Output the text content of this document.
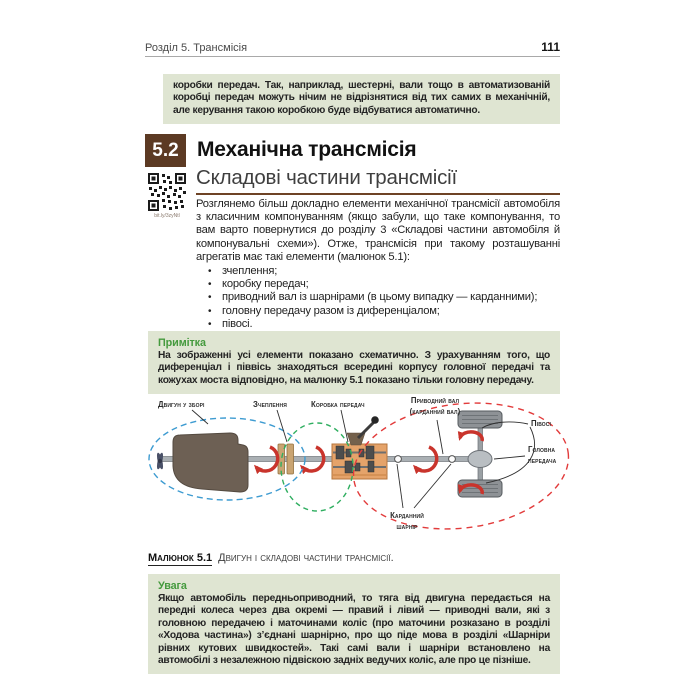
Розділ 5. Трансмісія	111
коробки передач. Так, наприклад, шестерні, вали тощо в автоматизованій коробці передач можуть нічим не відрізнятися від тих самих в механічній, але керування такою коробкою буде відбуватися автоматично.
5.2 Механічна трансмісія
bit.ly/3zyNtl
Складові частини трансмісії

Розглянемо більш докладно елементи механічної трансмісії автомобіля з класичним компонуванням (якщо забули, що таке компонування, то вам варто повернутися до розділу 3 «Складові частини автомобіля й компонувальні схеми»). Отже, трансмісія при такому розташуванні агрегатів має такі елементи (малюнок 5.1):

• зчеплення;
• коробку передач;
• приводний вал із шарнірами (в цьому випадку — карданними);
• головну передачу разом із диференціалом;
• півосі.
Примітка
На зображенні усі елементи показано схематично. З урахуванням того, що диференціал і піввісь знаходяться всередині корпусу головної передачі та кожухах моста відповідно, на малюнку 5.1 показано тільки головну передачу.
Двигун у зборі	Зчеплення	Коробка передач	Приводний вал
(карданний вал)
Півосі
Головна
передача
Карданний
шарнір
Малюнок 5.1 Двигун і складові частини трансмісії.
Увага
Якщо автомобіль передньоприводний, то тяга від двигуна передається на передні колеса через два окремі — правий і лівий — приводні вали, які з головною передачею і маточинами коліс (про маточини розказано в розділі «Ходова частина») з’єднані шарнірно, про що піде мова в розділі «Шарніри рівних кутових швидкостей». Такі самі вали і шарніри встановлено на автомобілі з незалежною підвіскою задніх ведучих коліс, але про це пізніше.
